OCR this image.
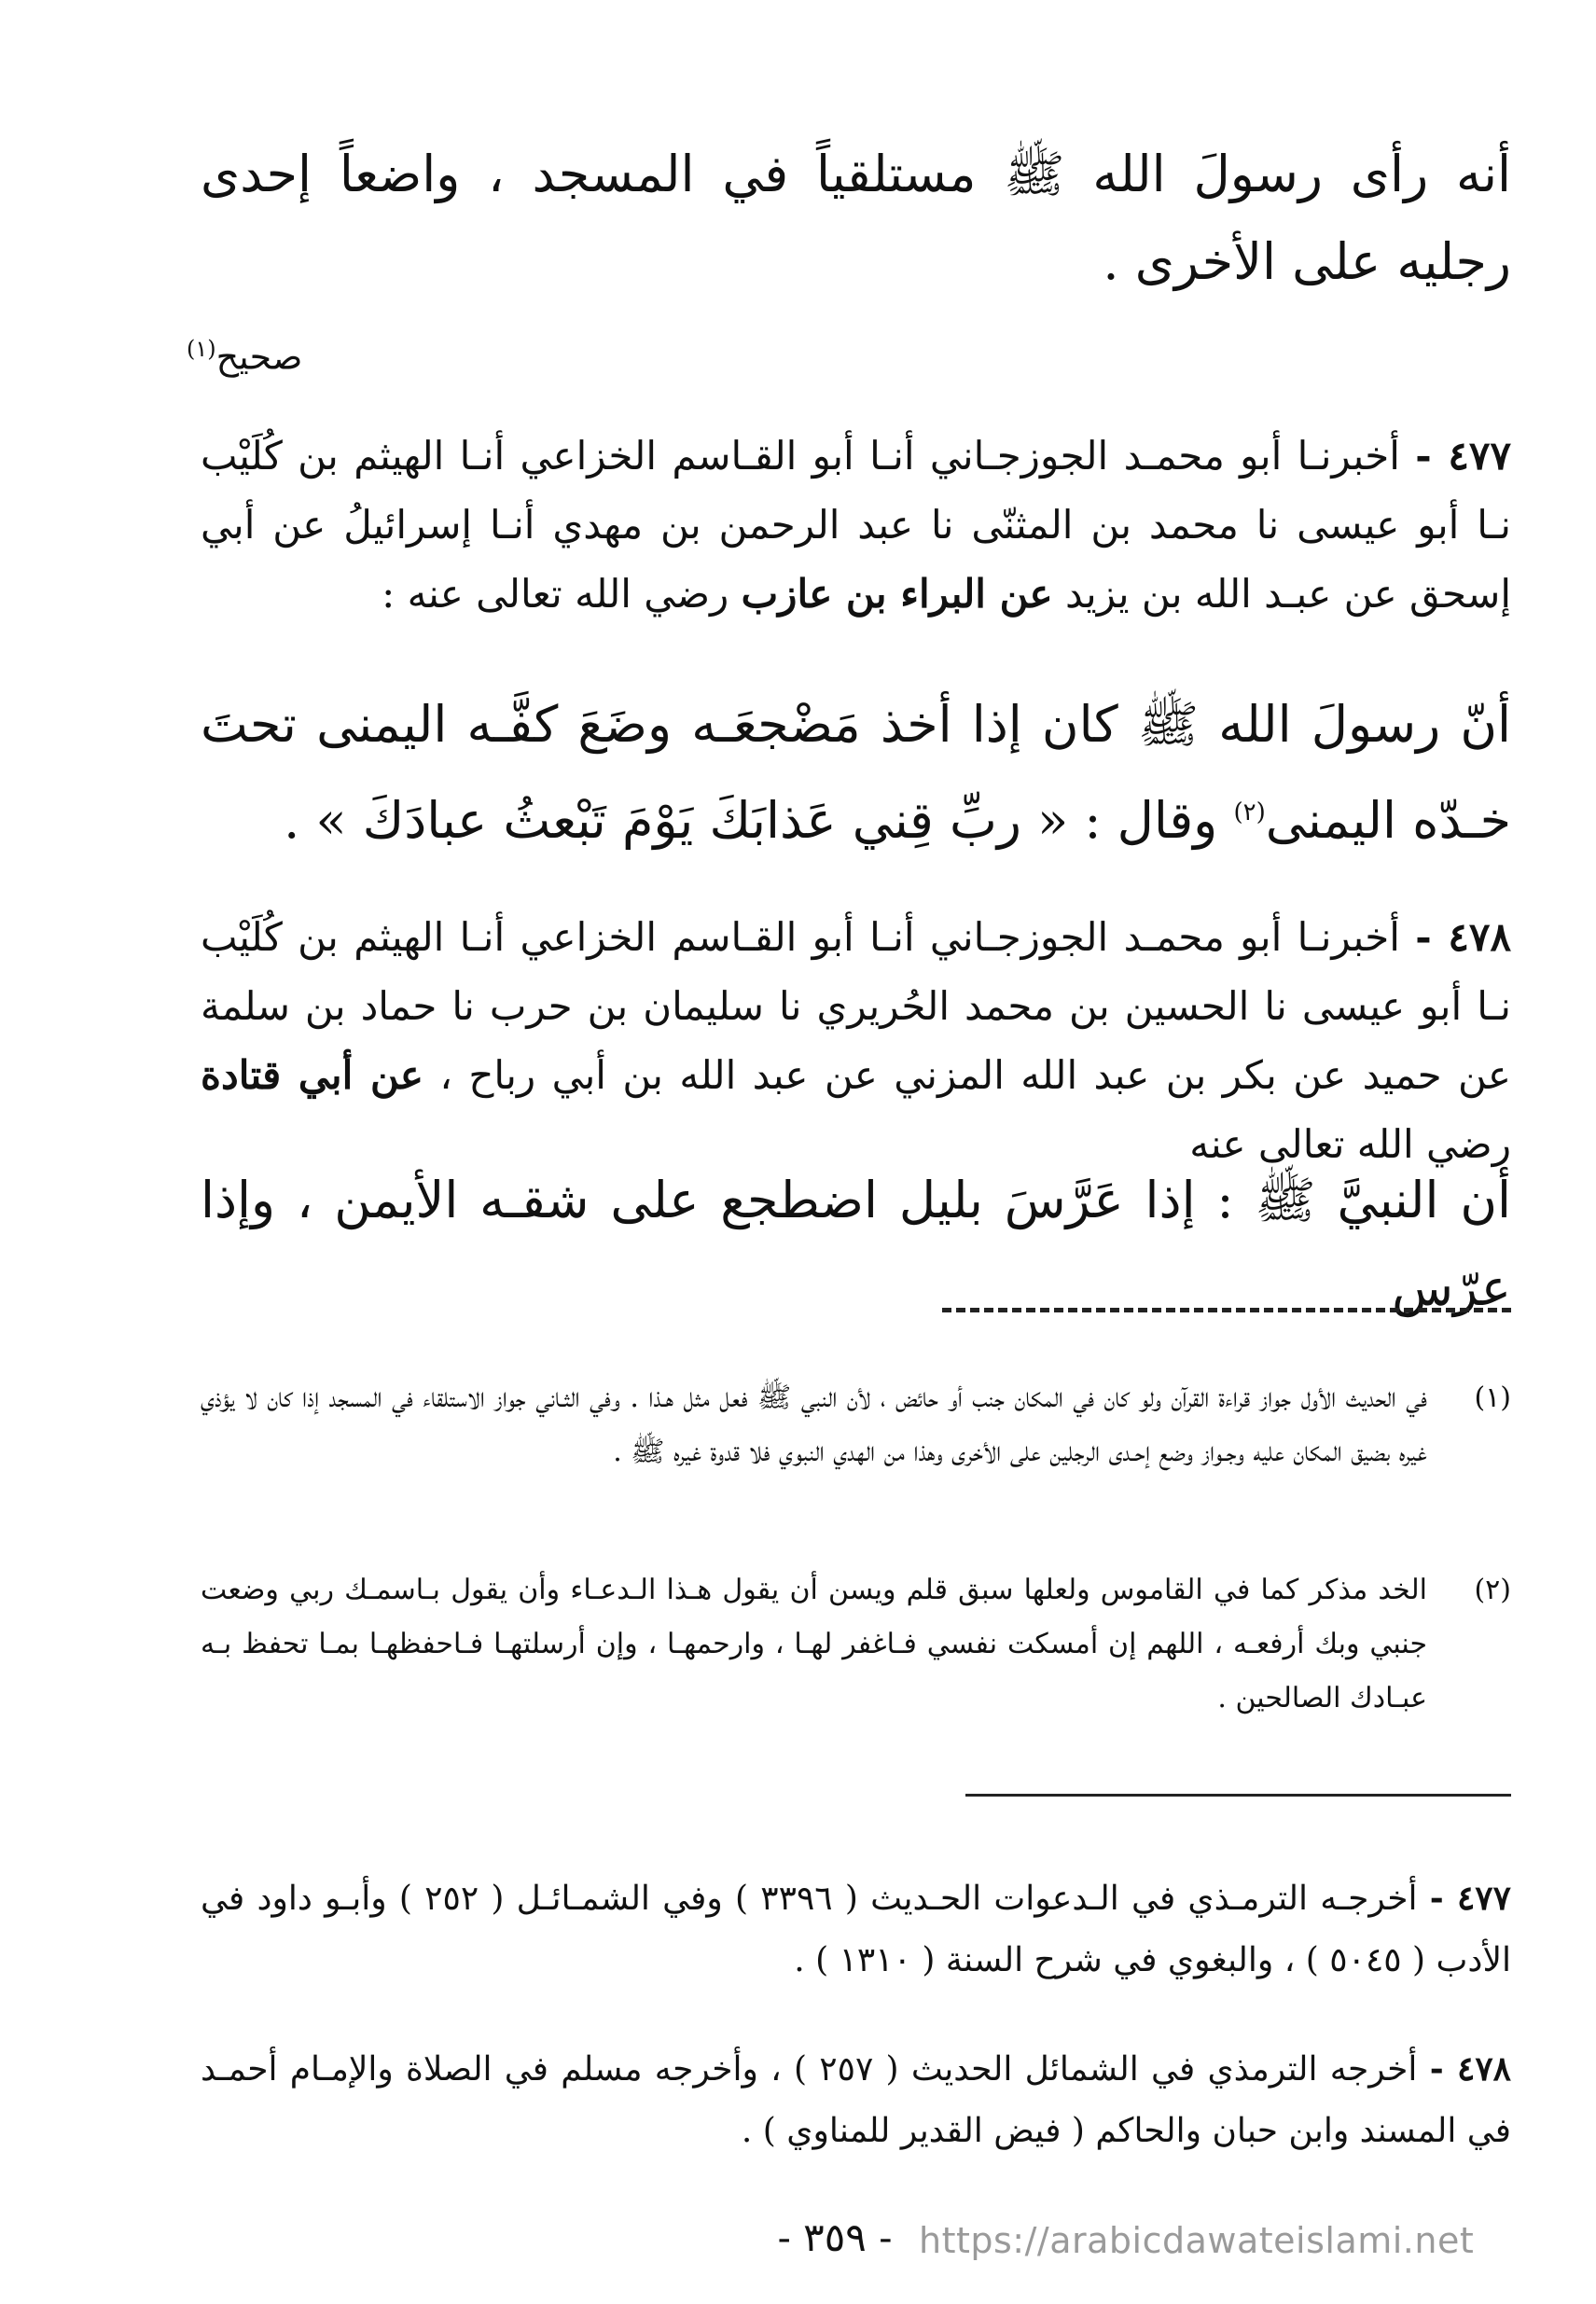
أنه رأى رسولَ الله ﷺ مستلقياً في المسجد ، واضعاً إحدى رجليه على الأخرى .

صحيح$^{(١)}$

٤٧٧ - أخبرنـا أبو محمـد الجوزجـاني أنـا أبو القـاسم الخزاعي أنـا الهيثم بن كُلَيْب نـا أبو عيسى نا محمد بن المثنّى نا عبد الرحمن بن مهدي أنـا إسرائيلُ عن أبي إسحق عن عبـد الله بن يزيد عن البراء بن عازب رضي الله تعالى عنه :

أنّ رسولَ الله ﷺ كان إذا أخذ مَضْجعَـه وضَعَ كفَّـه اليمنى تحتَ خـدّه اليمنى$^{(٢)}$ وقال : « ربِّ قِني عَذابَكَ يَوْمَ تَبْعثُ عبادَكَ » .

٤٧٨ - أخبرنـا أبو محمـد الجوزجـاني أنـا أبو القـاسم الخزاعي أنـا الهيثم بن كُلَيْب نـا أبو عيسى نا الحسين بن محمد الحُريري نا سليمان بن حرب نا حماد بن سلمة عن حميد عن بكر بن عبد الله المزني عن عبد الله بن أبي رباح ، عن أبي قتادة رضي الله تعالى عنه

أن النبيَّ ﷺ : إذا عَرَّسَ بليل اضطجع على شقـه الأيمن ، وإذا عرّس

(١)

في الحديث الأول جواز قراءة القرآن ولو كان في المكان جنب أو حائض ، لأن النبي ﷺ فعل مثل هـذا . وفي الثـاني جواز الاستلقاء في المسجد إذا كان لا يؤذي غيره بضيق المكان عليه وجـواز وضع إحـدى الرجلين على الأخرى وهذا من الهدي النبوي فلا قدوة غيره ﷺ .

(٢)

الخد مذكر كما في القاموس ولعلها سبق قلم ويسن أن يقول هـذا الـدعـاء وأن يقول بـاسمـك ربي وضعت جنبي وبك أرفعـه ، اللهم إن أمسكت نفسي فـاغفر لهـا ، وارحمهـا ، وإن أرسلتهـا فـاحفظهـا بمـا تحفظ بـه عبـادك الصالحين .

٤٧٧ - أخرجـه الترمـذي في الـدعوات الحـديث ( ٣٣٩٦ ) وفي الشمـائـل ( ٢٥٢ ) وأبـو داود في الأدب ( ٥٠٤٥ ) ، والبغوي في شرح السنة ( ١٣١٠ ) .

٤٧٨ - أخرجه الترمذي في الشمائل الحديث ( ٢٥٧ ) ، وأخرجه مسلم في الصلاة والإمـام أحمـد في المسند وابن حبان والحاكم ( فيض القدير للمناوي ) .

- ٣٥٩ - https://arabicdawateislami.net
